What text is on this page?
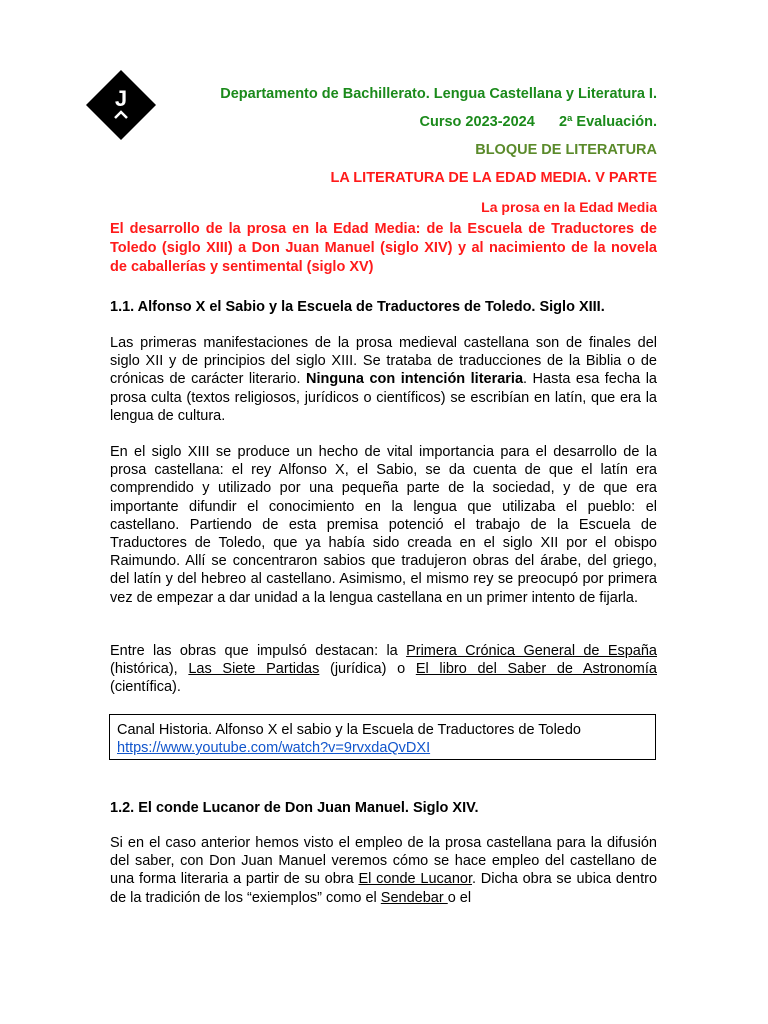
J	Departamento de Bachillerato. Lengua Castellana y Literatura I.
Curso 2023-2024 2ª Evaluación.
BLOQUE DE LITERATURA
LA LITERATURA DE LA EDAD MEDIA. V PARTE
La prosa en la Edad Media
El desarrollo de la prosa en la Edad Media: de la Escuela de Traductores de Toledo (siglo XIII) a Don Juan Manuel (siglo XIV) y al nacimiento de la novela de caballerías y sentimental (siglo XV)
1.1. Alfonso X el Sabio y la Escuela de Traductores de Toledo. Siglo XIII.

Las primeras manifestaciones de la prosa medieval castellana son de finales del siglo XII y de principios del siglo XIII. Se trataba de traducciones de la Biblia o de crónicas de carácter literario. Ninguna con intención literaria. Hasta esa fecha la prosa culta (textos religiosos, jurídicos o científicos) se escribían en latín, que era la lengua de cultura.

En el siglo XIII se produce un hecho de vital importancia para el desarrollo de la prosa castellana: el rey Alfonso X, el Sabio, se da cuenta de que el latín era comprendido y utilizado por una pequeña parte de la sociedad, y de que era importante difundir el conocimiento en la lengua que utilizaba el pueblo: el castellano. Partiendo de esta premisa potenció el trabajo de la Escuela de Traductores de Toledo, que ya había sido creada en el siglo XII por el obispo Raimundo. Allí se concentraron sabios que tradujeron obras del árabe, del griego, del latín y del hebreo al castellano. Asimismo, el mismo rey se preocupó por primera vez de empezar a dar unidad a la lengua castellana en un primer intento de fijarla.

Entre las obras que impulsó destacan: la Primera Crónica General de España (histórica), Las Siete Partidas (jurídica) o El libro del Saber de Astronomía (científica).

Canal Historia. Alfonso X el sabio y la Escuela de Traductores de Toledo
https://www.youtube.com/watch?v=9rvxdaQvDXI
1.2. El conde Lucanor de Don Juan Manuel. Siglo XIV.

Si en el caso anterior hemos visto el empleo de la prosa castellana para la difusión del saber, con Don Juan Manuel veremos cómo se hace empleo del castellano de una forma literaria a partir de su obra El conde Lucanor. Dicha obra se ubica dentro de la tradición de los “exiemplos” como el Sendebar o el
